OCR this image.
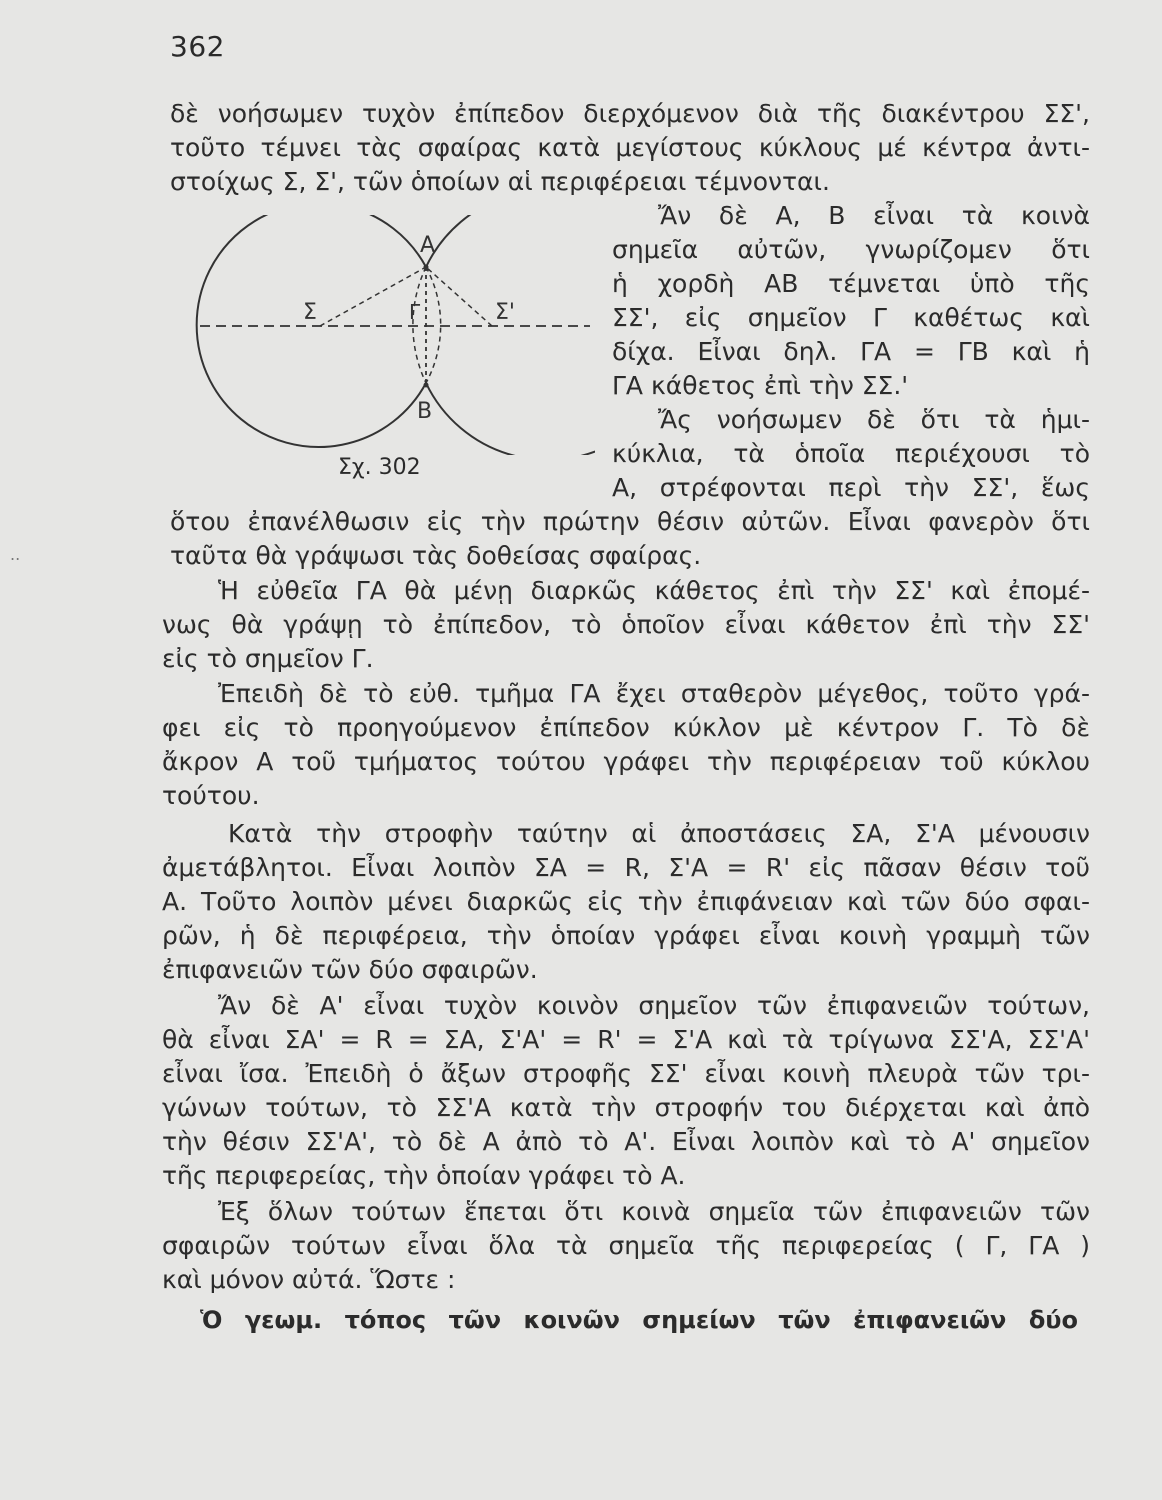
362
..
A
B
Σ	Σ'
Γ
Σχ. 302
δὲ νοήσωμεν τυχὸν ἐπίπεδον διερχόμενον διὰ τῆς διακέντρου ΣΣ',
τοῦτο τέμνει τὰς σφαίρας κατὰ μεγίστους κύκλους μέ κέντρα ἀντι-
στοίχως Σ, Σ', τῶν ὁποίων αἱ περιφέρειαι τέμνονται.
Ἄν δὲ Α, Β εἶναι τὰ κοινὰ
σημεῖα αὐτῶν, γνωρίζομεν ὅτι
ἡ χορδὴ ΑΒ τέμνεται ὑπὸ τῆς
ΣΣ', εἰς σημεῖον Γ καθέτως καὶ
δίχα. Εἶναι δηλ. ΓΑ = ΓΒ καὶ ἡ
ΓΑ κάθετος ἐπὶ τὴν ΣΣ.'
Ἄς νοήσωμεν δὲ ὅτι τὰ ἡμι-
κύκλια, τὰ ὁποῖα περιέχουσι τὸ
Α, στρέφονται περὶ τὴν ΣΣ', ἕως
ὅτου ἐπανέλθωσιν εἰς τὴν πρώτην θέσιν αὐτῶν. Εἶναι φανερὸν ὅτι
ταῦτα θὰ γράψωσι τὰς δοθείσας σφαίρας.
Ἡ εὐθεῖα ΓΑ θὰ μένῃ διαρκῶς κάθετος ἐπὶ τὴν ΣΣ' καὶ ἐπομέ-
νως θὰ γράψῃ τὸ ἐπίπεδον, τὸ ὁποῖον εἶναι κάθετον ἐπὶ τὴν ΣΣ'
εἰς τὸ σημεῖον Γ.
Ἐπειδὴ δὲ τὸ εὐθ. τμῆμα ΓΑ ἔχει σταθερὸν μέγεθος, τοῦτο γρά-
φει εἰς τὸ προηγούμενον ἐπίπεδον κύκλον μὲ κέντρον Γ. Τὸ δὲ
ἄκρον Α τοῦ τμήματος τούτου γράφει τὴν περιφέρειαν τοῦ κύκλου
τούτου.
Κατὰ τὴν στροφὴν ταύτην αἱ ἀποστάσεις ΣΑ, Σ'Α μένουσιν
ἀμετάβλητοι. Εἶναι λοιπὸν ΣΑ = R, Σ'Α = R' εἰς πᾶσαν θέσιν τοῦ
Α. Τοῦτο λοιπὸν μένει διαρκῶς εἰς τὴν ἐπιφάνειαν καὶ τῶν δύο σφαι-
ρῶν, ἡ δὲ περιφέρεια, τὴν ὁποίαν γράφει εἶναι κοινὴ γραμμὴ τῶν
ἐπιφανειῶν τῶν δύο σφαιρῶν.
Ἄν δὲ Α' εἶναι τυχὸν κοινὸν σημεῖον τῶν ἐπιφανειῶν τούτων,
θὰ εἶναι ΣΑ' = R = ΣΑ, Σ'Α' = R' = Σ'Α καὶ τὰ τρίγωνα ΣΣ'Α, ΣΣ'Α'
εἶναι ἴσα. Ἐπειδὴ ὁ ἄξων στροφῆς ΣΣ' εἶναι κοινὴ πλευρὰ τῶν τρι-
γώνων τούτων, τὸ ΣΣ'Α κατὰ τὴν στροφήν του διέρχεται καὶ ἀπὸ
τὴν θέσιν ΣΣ'Α', τὸ δὲ Α ἀπὸ τὸ Α'. Εἶναι λοιπὸν καὶ τὸ Α' σημεῖον
τῆς περιφερείας, τὴν ὁποίαν γράφει τὸ Α.
Ἐξ ὅλων τούτων ἕπεται ὅτι κοινὰ σημεῖα τῶν ἐπιφανειῶν τῶν
σφαιρῶν τούτων εἶναι ὅλα τὰ σημεῖα τῆς περιφερείας ( Γ, ΓΑ )
καὶ μόνον αὐτά. Ὥστε :
Ὁ γεωμ. τόπος τῶν κοινῶν σημείων τῶν ἐπιφανειῶν δύο
